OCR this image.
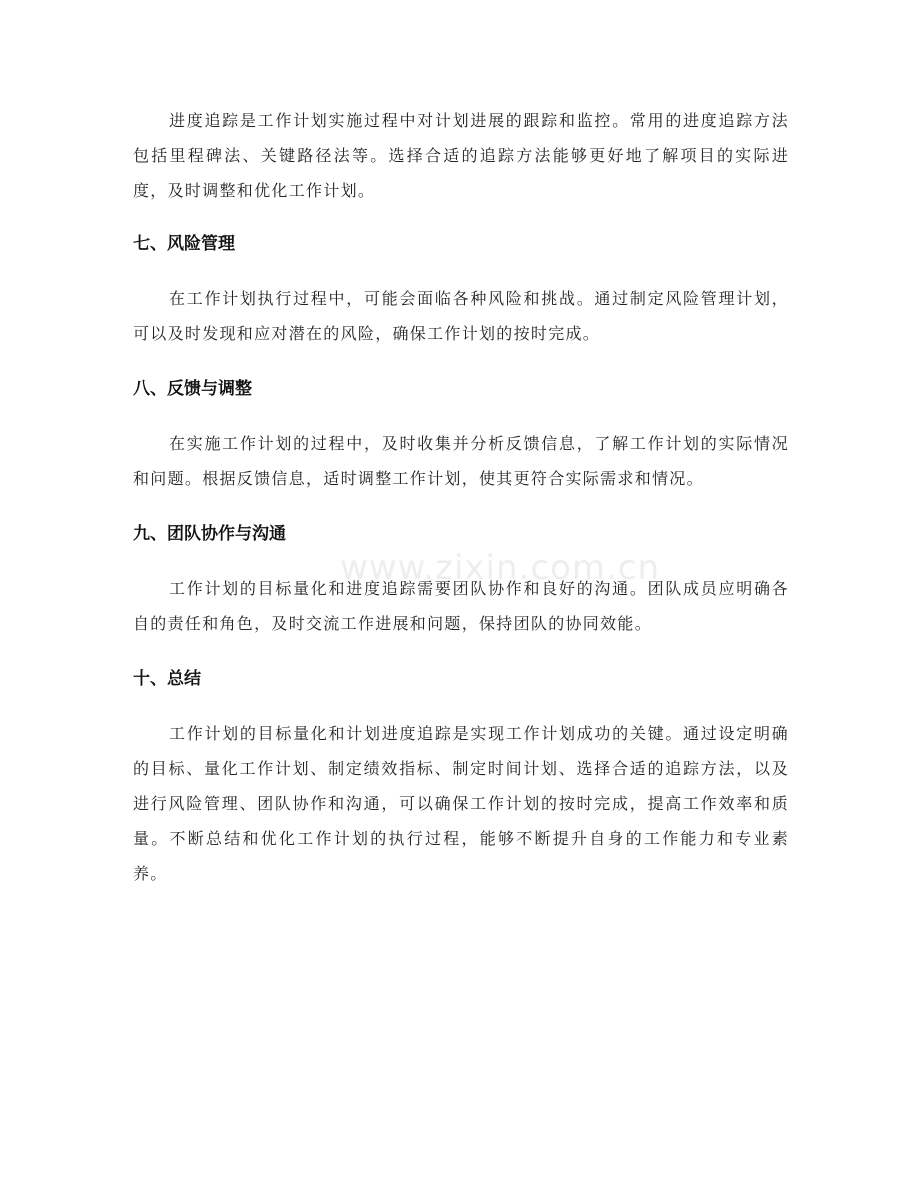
进度追踪是工作计划实施过程中对计划进展的跟踪和监控。常用的进度追踪方法包括里程碑法、关键路径法等。选择合适的追踪方法能够更好地了解项目的实际进度，及时调整和优化工作计划。

七、风险管理

在工作计划执行过程中，可能会面临各种风险和挑战。通过制定风险管理计划，可以及时发现和应对潜在的风险，确保工作计划的按时完成。

八、反馈与调整

在实施工作计划的过程中，及时收集并分析反馈信息，了解工作计划的实际情况和问题。根据反馈信息，适时调整工作计划，使其更符合实际需求和情况。

九、团队协作与沟通

工作计划的目标量化和进度追踪需要团队协作和良好的沟通。团队成员应明确各自的责任和角色，及时交流工作进展和问题，保持团队的协同效能。

十、总结

工作计划的目标量化和计划进度追踪是实现工作计划成功的关键。通过设定明确的目标、量化工作计划、制定绩效指标、制定时间计划、选择合适的追踪方法，以及进行风险管理、团队协作和沟通，可以确保工作计划的按时完成，提高工作效率和质量。不断总结和优化工作计划的执行过程，能够不断提升自身的工作能力和专业素养。

www.zixin.com.cn
